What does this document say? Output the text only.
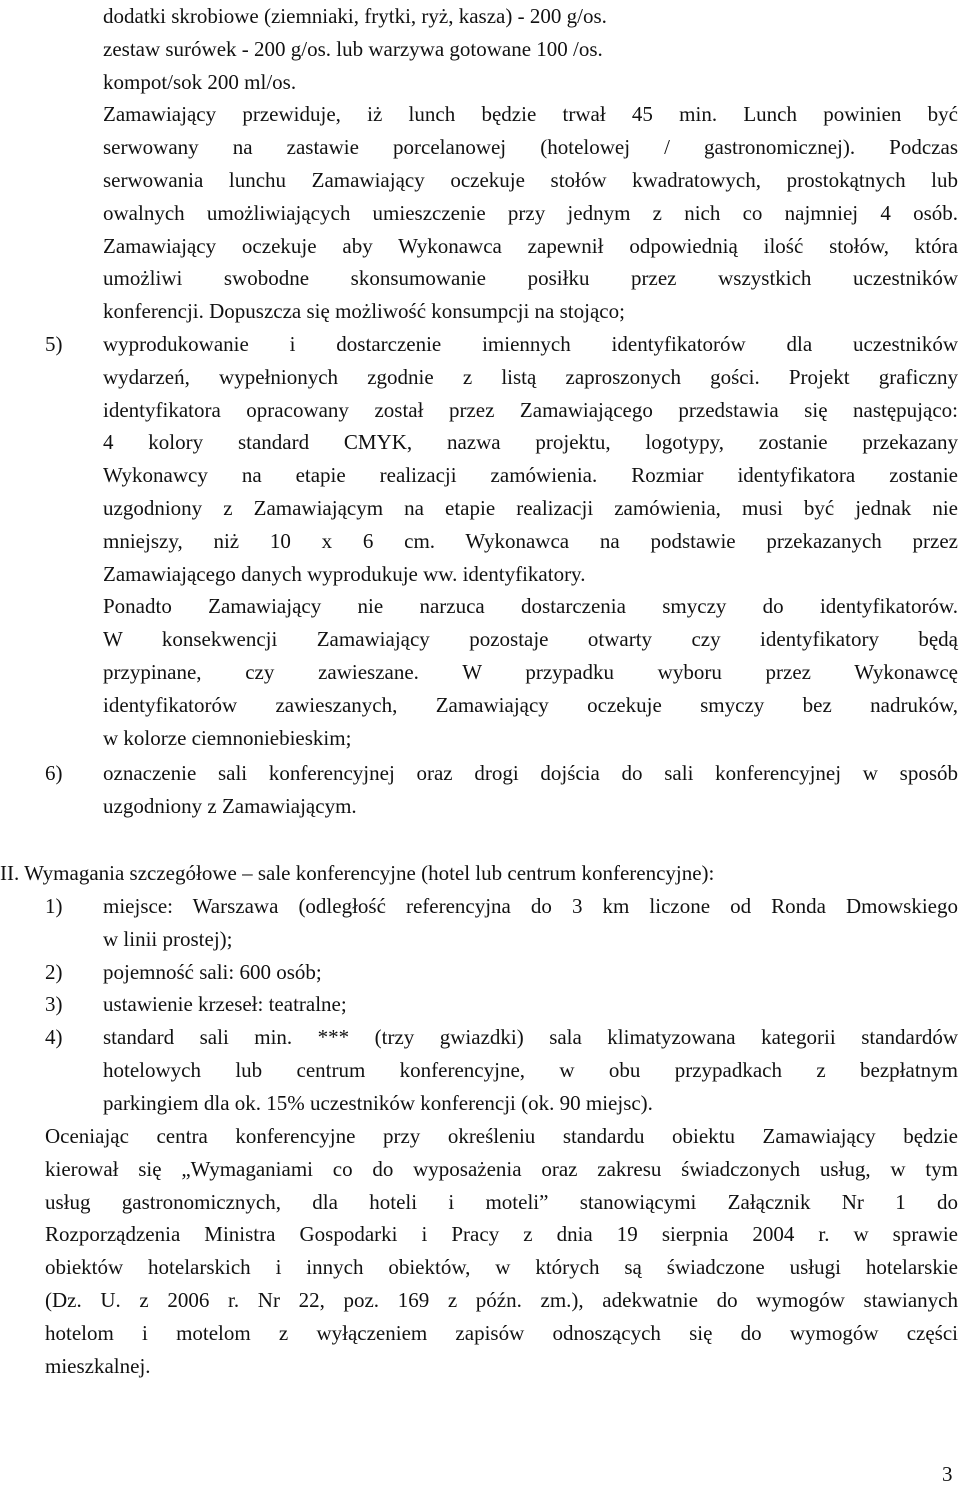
dodatki skrobiowe (ziemniaki, frytki, ryż, kasza) - 200 g/os.

zestaw surówek - 200 g/os. lub warzywa gotowane 100 /os.

kompot/sok 200 ml/os.

Zamawiający przewiduje, iż lunch będzie trwał 45 min. Lunch powinien być

serwowany na zastawie porcelanowej (hotelowej / gastronomicznej). Podczas

serwowania lunchu Zamawiający oczekuje stołów kwadratowych, prostokątnych lub

owalnych umożliwiających umieszczenie przy jednym z nich co najmniej 4 osób.

Zamawiający oczekuje aby Wykonawca zapewnił odpowiednią ilość stołów, która

umożliwi swobodne skonsumowanie posiłku przez wszystkich uczestników

konferencji. Dopuszcza się możliwość konsumpcji na stojąco;

5) wyprodukowanie i dostarczenie imiennych identyfikatorów dla uczestników

wydarzeń, wypełnionych zgodnie z listą zaproszonych gości. Projekt graficzny

identyfikatora opracowany został przez Zamawiającego przedstawia się następująco:

4 kolory standard CMYK, nazwa projektu, logotypy, zostanie przekazany

Wykonawcy na etapie realizacji zamówienia. Rozmiar identyfikatora zostanie

uzgodniony z Zamawiającym na etapie realizacji zamówienia, musi być jednak nie

mniejszy, niż 10 x 6 cm. Wykonawca na podstawie przekazanych przez

Zamawiającego danych wyprodukuje ww. identyfikatory.

Ponadto Zamawiający nie narzuca dostarczenia smyczy do identyfikatorów.

W konsekwencji Zamawiający pozostaje otwarty czy identyfikatory będą

przypinane, czy zawieszane. W przypadku wyboru przez Wykonawcę

identyfikatorów zawieszanych, Zamawiający oczekuje smyczy bez nadruków,

w kolorze ciemnoniebieskim;

6) oznaczenie sali konferencyjnej oraz drogi dojścia do sali konferencyjnej w sposób

uzgodniony z Zamawiającym.

II. Wymagania szczegółowe – sale konferencyjne (hotel lub centrum konferencyjne):

1) miejsce: Warszawa (odległość referencyjna do 3 km liczone od Ronda Dmowskiego

w linii prostej);

2) pojemność sali: 600 osób;

3) ustawienie krzeseł: teatralne;

4) standard sali min. *** (trzy gwiazdki) sala klimatyzowana kategorii standardów

hotelowych lub centrum konferencyjne, w obu przypadkach z bezpłatnym

parkingiem dla ok. 15% uczestników konferencji (ok. 90 miejsc).

Oceniając centra konferencyjne przy określeniu standardu obiektu Zamawiający będzie

kierował się „Wymaganiami co do wyposażenia oraz zakresu świadczonych usług, w tym

usług gastronomicznych, dla hoteli i moteli” stanowiącymi Załącznik Nr 1 do

Rozporządzenia Ministra Gospodarki i Pracy z dnia 19 sierpnia 2004 r. w sprawie

obiektów hotelarskich i innych obiektów, w których są świadczone usługi hotelarskie

(Dz. U. z 2006 r. Nr 22, poz. 169 z późn. zm.), adekwatnie do wymogów stawianych

hotelom i motelom z wyłączeniem zapisów odnoszących się do wymogów części

mieszkalnej.

3
